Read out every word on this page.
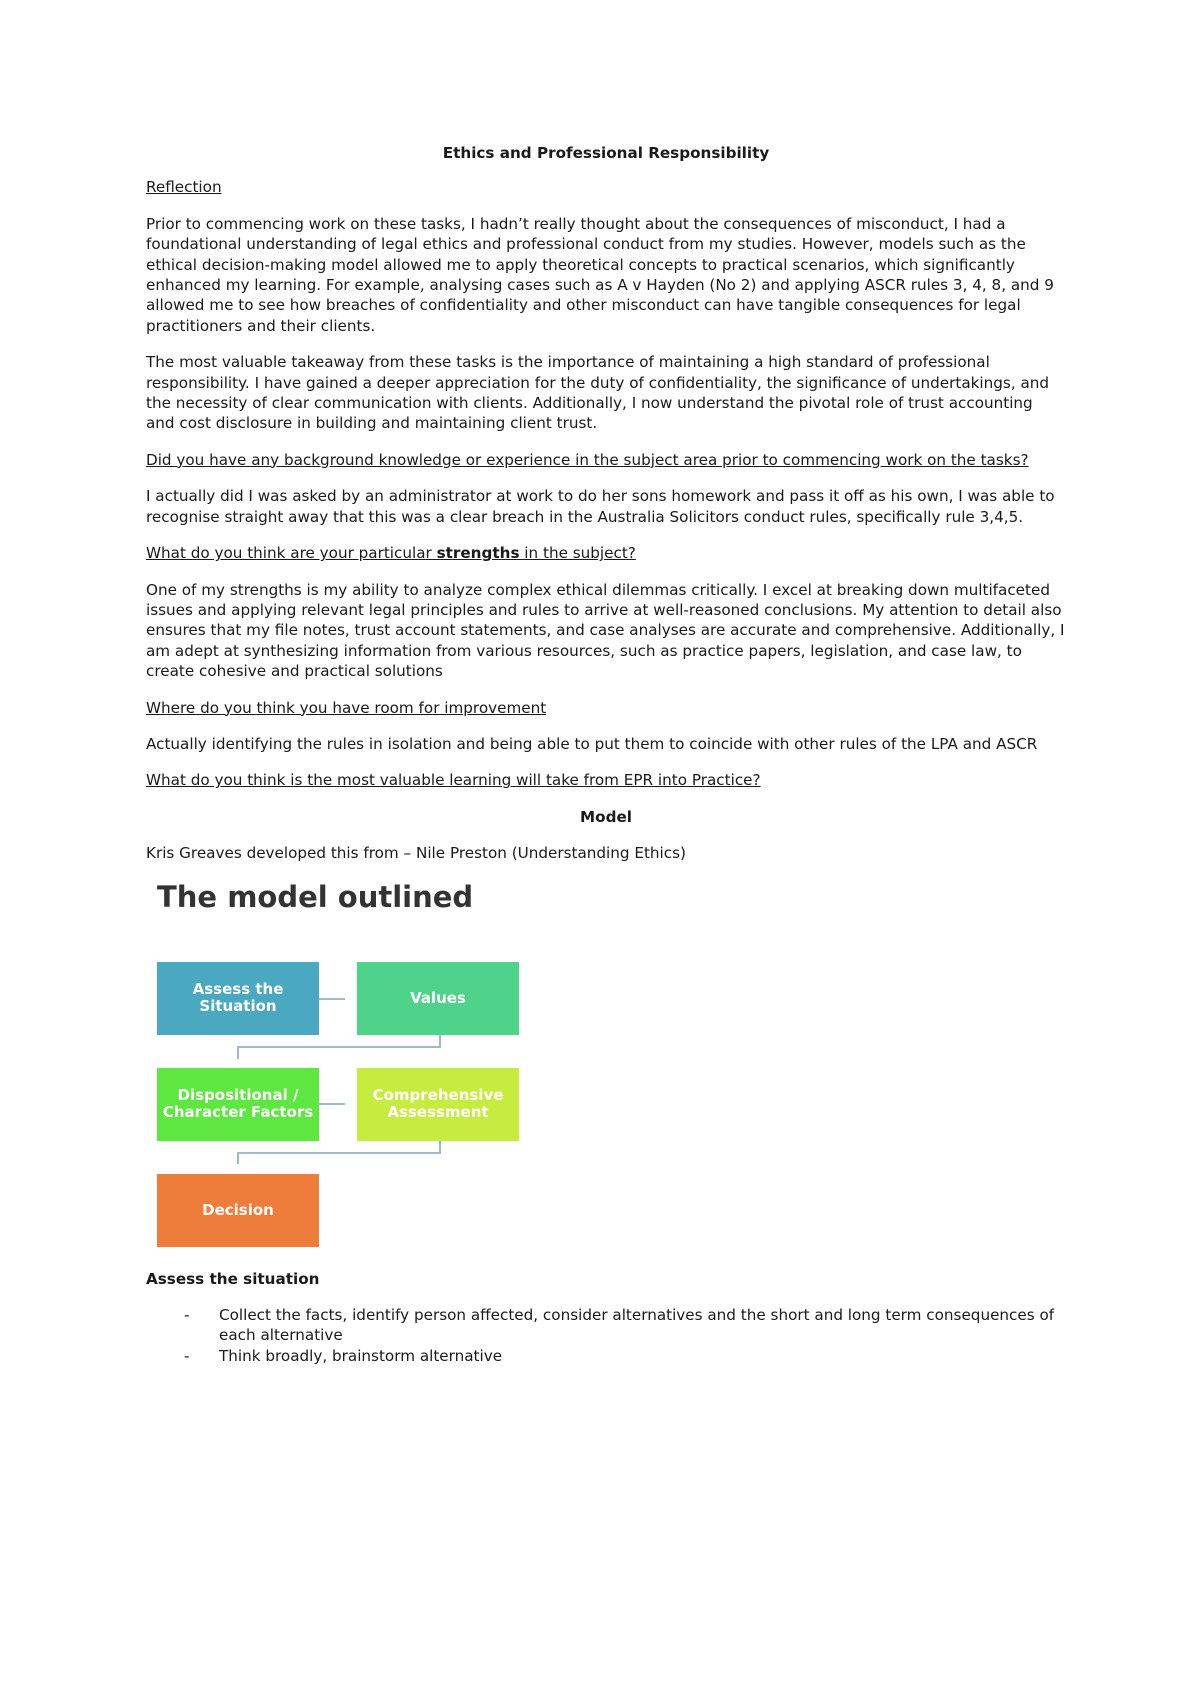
Ethics and Professional Responsibility
Reflection

Prior to commencing work on these tasks, I hadn’t really thought about the consequences of misconduct, I had a foundational understanding of legal ethics and professional conduct from my studies. However, models such as the ethical decision-making model allowed me to apply theoretical concepts to practical scenarios, which significantly enhanced my learning. For example, analysing cases such as A v Hayden (No 2) and applying ASCR rules 3, 4, 8, and 9 allowed me to see how breaches of confidentiality and other misconduct can have tangible consequences for legal practitioners and their clients.

The most valuable takeaway from these tasks is the importance of maintaining a high standard of professional responsibility. I have gained a deeper appreciation for the duty of confidentiality, the significance of undertakings, and the necessity of clear communication with clients. Additionally, I now understand the pivotal role of trust accounting and cost disclosure in building and maintaining client trust.

Did you have any background knowledge or experience in the subject area prior to commencing work on the tasks?

I actually did I was asked by an administrator at work to do her sons homework and pass it off as his own, I was able to recognise straight away that this was a clear breach in the Australia Solicitors conduct rules, specifically rule 3,4,5.

What do you think are your particular strengths in the subject?

One of my strengths is my ability to analyze complex ethical dilemmas critically. I excel at breaking down multifaceted issues and applying relevant legal principles and rules to arrive at well-reasoned conclusions. My attention to detail also ensures that my file notes, trust account statements, and case analyses are accurate and comprehensive. Additionally, I am adept at synthesizing information from various resources, such as practice papers, legislation, and case law, to create cohesive and practical solutions

Where do you think you have room for improvement

Actually identifying the rules in isolation and being able to put them to coincide with other rules of the LPA and ASCR

What do you think is the most valuable learning will take from EPR into Practice?
Model

Kris Greaves developed this from – Nile Preston (Understanding Ethics)

The model outlined
Assess the Situation	Values
Dispositional / Character Factors
Comprehensive Assessment
Decision
Assess the situation
- Collect the facts, identify person affected, consider alternatives and the short and long term consequences of each alternative
- Think broadly, brainstorm alternative
